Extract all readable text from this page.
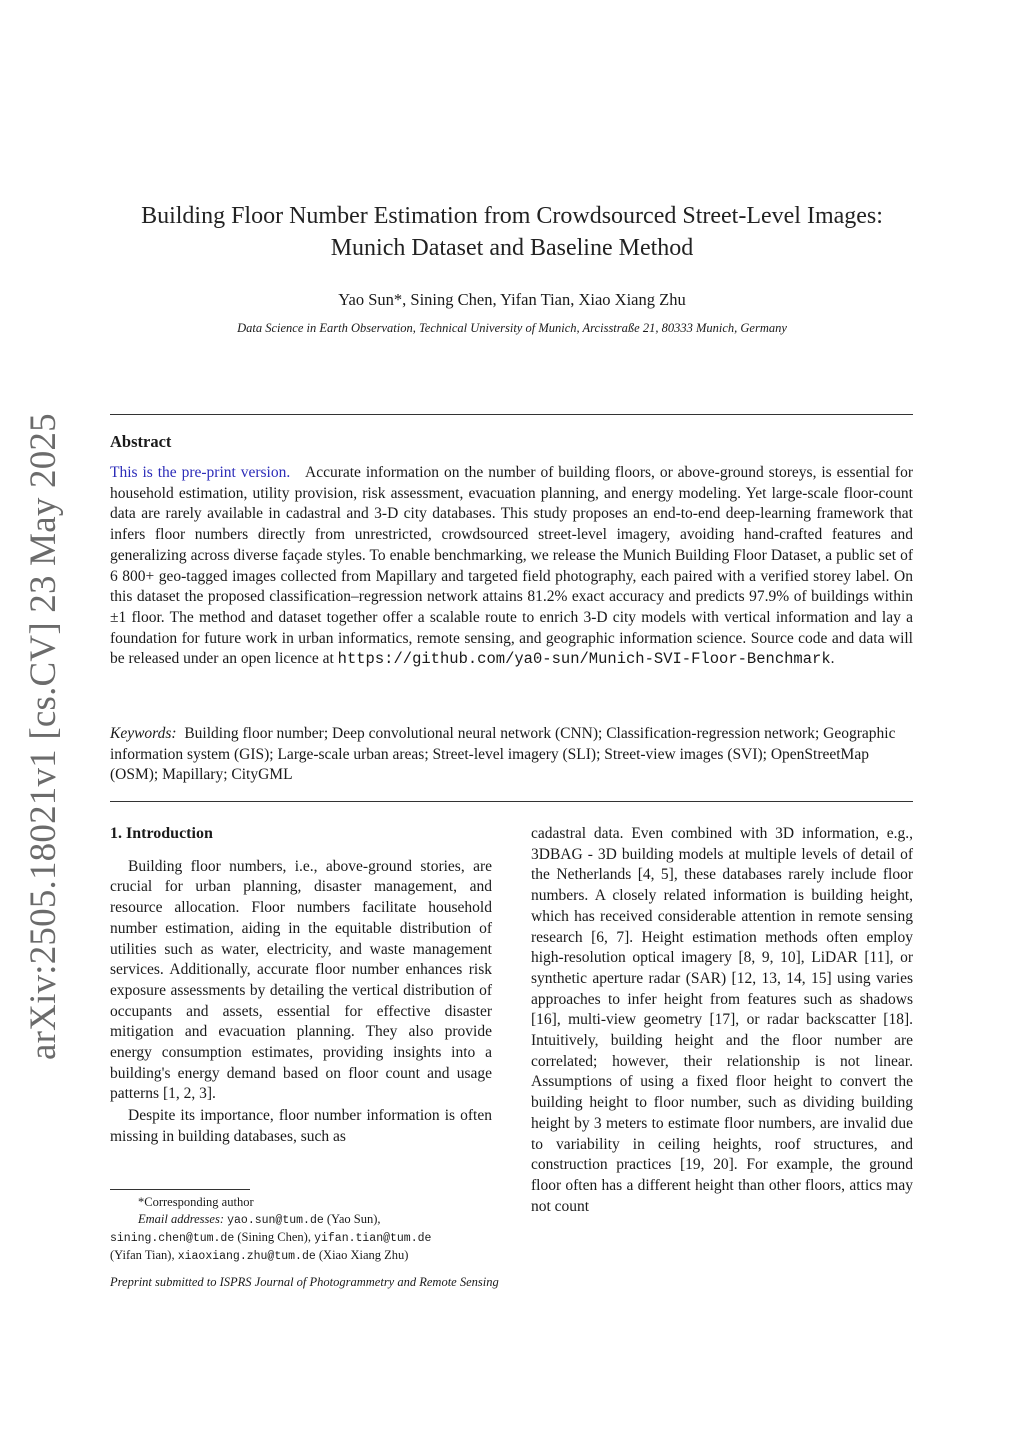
arXiv:2505.18021v1 [cs.CV] 23 May 2025
Building Floor Number Estimation from Crowdsourced Street-Level Images:
Munich Dataset and Baseline Method
Yao Sun*, Sining Chen, Yifan Tian, Xiao Xiang Zhu
Data Science in Earth Observation, Technical University of Munich, Arcisstraße 21, 80333 Munich, Germany
Abstract
This is the pre-print version. Accurate information on the number of building floors, or above-ground storeys, is essential for household estimation, utility provision, risk assessment, evacuation planning, and energy modeling. Yet large-scale floor-count data are rarely available in cadastral and 3-D city databases. This study proposes an end-to-end deep-learning framework that infers floor numbers directly from unrestricted, crowdsourced street-level imagery, avoiding hand-crafted features and generalizing across diverse façade styles. To enable benchmarking, we release the Munich Building Floor Dataset, a public set of 6 800+ geo-tagged images collected from Mapillary and targeted field photography, each paired with a verified storey label. On this dataset the proposed classification–regression network attains 81.2% exact accuracy and predicts 97.9% of buildings within ±1 floor. The method and dataset together offer a scalable route to enrich 3-D city models with vertical information and lay a foundation for future work in urban informatics, remote sensing, and geographic information science. Source code and data will be released under an open licence at https://github.com/ya0-sun/Munich-SVI-Floor-Benchmark.
Keywords: Building floor number; Deep convolutional neural network (CNN); Classification-regression network; Geographic information system (GIS); Large-scale urban areas; Street-level imagery (SLI); Street-view images (SVI); OpenStreetMap (OSM); Mapillary; CityGML
1. Introduction

Building floor numbers, i.e., above-ground stories, are crucial for urban planning, disaster management, and resource allocation. Floor numbers facilitate household number estimation, aiding in the equitable distribution of utilities such as water, electricity, and waste management services. Additionally, accurate floor number enhances risk exposure assessments by detailing the vertical distribution of occupants and assets, essential for effective disaster mitigation and evacuation planning. They also provide energy consumption estimates, providing insights into a building's energy demand based on floor count and usage patterns [1, 2, 3].

Despite its importance, floor number information is often missing in building databases, such as

cadastral data. Even combined with 3D information, e.g., 3DBAG - 3D building models at multiple levels of detail of the Netherlands [4, 5], these databases rarely include floor numbers. A closely related information is building height, which has received considerable attention in remote sensing research [6, 7]. Height estimation methods often employ high-resolution optical imagery [8, 9, 10], LiDAR [11], or synthetic aperture radar (SAR) [12, 13, 14, 15] using varies approaches to infer height from features such as shadows [16], multi-view geometry [17], or radar backscatter [18]. Intuitively, building height and the floor number are correlated; however, their relationship is not linear. Assumptions of using a fixed floor height to convert the building height to floor number, such as dividing building height by 3 meters to estimate floor numbers, are invalid due to variability in ceiling heights, roof structures, and construction practices [19, 20]. For example, the ground floor often has a different height than other floors, attics may not count

*Corresponding author
Email addresses: yao.sun@tum.de (Yao Sun),
sining.chen@tum.de (Sining Chen), yifan.tian@tum.de
(Yifan Tian), xiaoxiang.zhu@tum.de (Xiao Xiang Zhu)
Preprint submitted to ISPRS Journal of Photogrammetry and Remote Sensing
